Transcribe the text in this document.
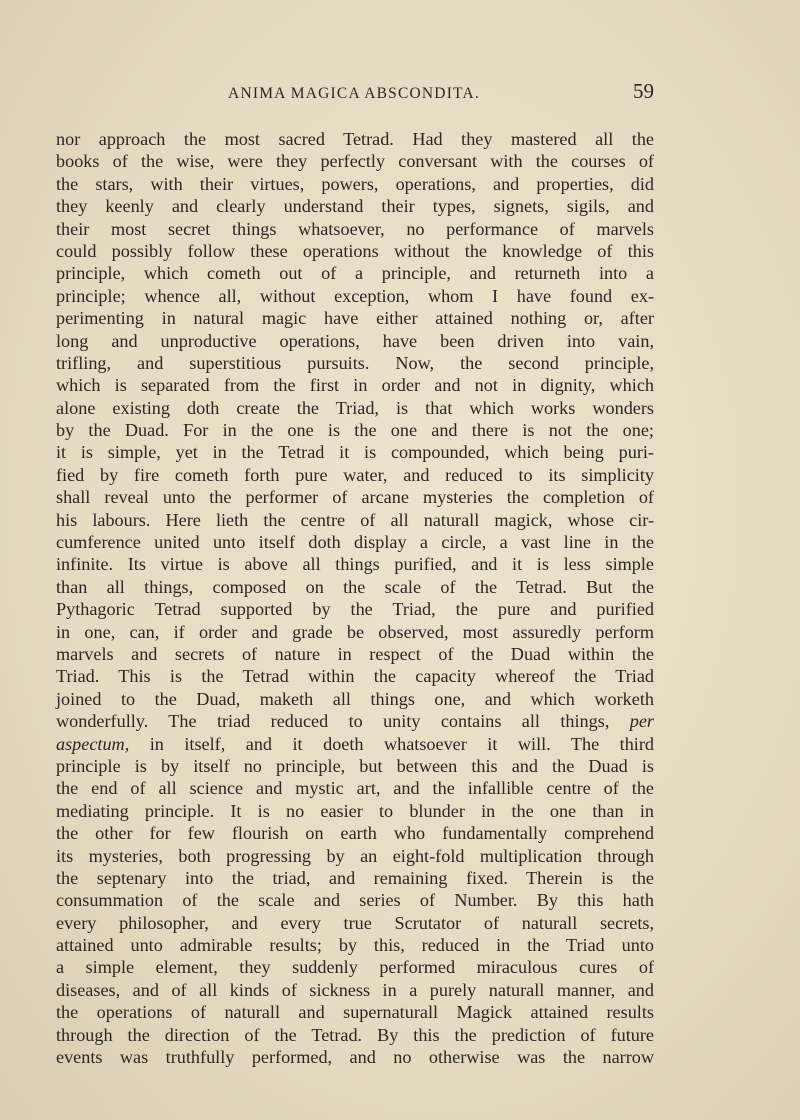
ANIMA MAGICA ABSCONDITA.	59
nor approach the most sacred Tetrad. Had they mastered all the
books of the wise, were they perfectly conversant with the courses of
the stars, with their virtues, powers, operations, and properties, did
they keenly and clearly understand their types, signets, sigils, and
their most secret things whatsoever, no performance of marvels
could possibly follow these operations without the knowledge of this
principle, which cometh out of a principle, and returneth into a
principle; whence all, without exception, whom I have found ex-
perimenting in natural magic have either attained nothing or, after
long and unproductive operations, have been driven into vain,
trifling, and superstitious pursuits. Now, the second principle,
which is separated from the first in order and not in dignity, which
alone existing doth create the Triad, is that which works wonders
by the Duad. For in the one is the one and there is not the one;
it is simple, yet in the Tetrad it is compounded, which being puri-
fied by fire cometh forth pure water, and reduced to its simplicity
shall reveal unto the performer of arcane mysteries the completion of
his labours. Here lieth the centre of all naturall magick, whose cir-
cumference united unto itself doth display a circle, a vast line in the
infinite. Its virtue is above all things purified, and it is less simple
than all things, composed on the scale of the Tetrad. But the
Pythagoric Tetrad supported by the Triad, the pure and purified
in one, can, if order and grade be observed, most assuredly perform
marvels and secrets of nature in respect of the Duad within the
Triad. This is the Tetrad within the capacity whereof the Triad
joined to the Duad, maketh all things one, and which worketh
wonderfully. The triad reduced to unity contains all things, per
aspectum, in itself, and it doeth whatsoever it will. The third
principle is by itself no principle, but between this and the Duad is
the end of all science and mystic art, and the infallible centre of the
mediating principle. It is no easier to blunder in the one than in
the other for few flourish on earth who fundamentally comprehend
its mysteries, both progressing by an eight-fold multiplication through
the septenary into the triad, and remaining fixed. Therein is the
consummation of the scale and series of Number. By this hath
every philosopher, and every true Scrutator of naturall secrets,
attained unto admirable results; by this, reduced in the Triad unto
a simple element, they suddenly performed miraculous cures of
diseases, and of all kinds of sickness in a purely naturall manner, and
the operations of naturall and supernaturall Magick attained results
through the direction of the Tetrad. By this the prediction of future
events was truthfully performed, and no otherwise was the narrow
